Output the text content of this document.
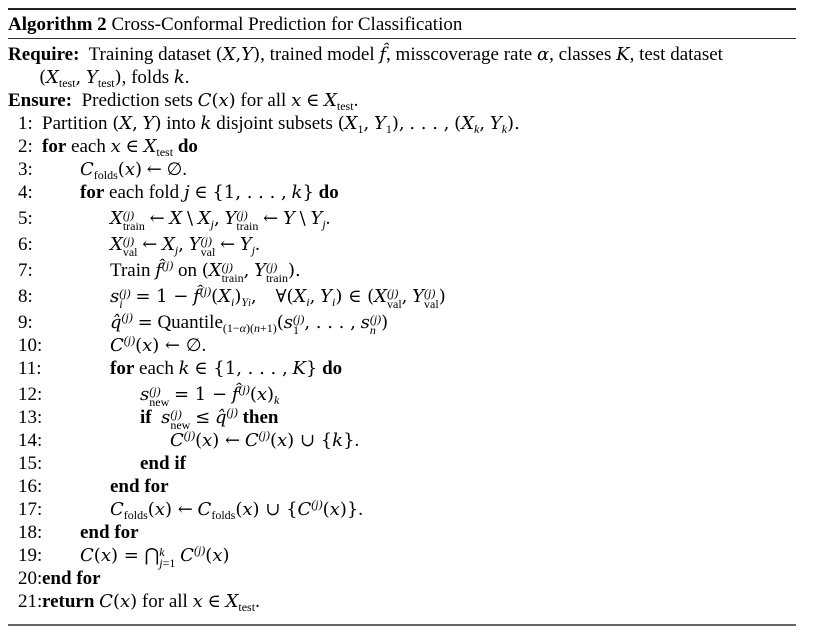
Algorithm 2 Cross-Conformal Prediction for Classification
Require: Training dataset (X,Y), trained model f̂, misscoverage rate α, classes K, test dataset
($X_{test}$, $Y_{test}$), folds k.
Ensure: Prediction sets C(x) for all x ∈ $X_{test}$.
1: Partition (X, Y) into k disjoint subsets ($X_1$, $Y_1$), . . . , ($X_k$, $Y_k$).
2: for each x ∈ $X_{test}$ do
3:	$C_{folds}(x)$ ← ∅.
4:	for each fold j ∈ {1, . . . , k} do
5:	X (j)
train ← X \ $X_j$, Y (j)
train ← Y \ $Y_j$.
6:	X (j)
val ← $X_j$, Y (j)
val ← $Y_j$.
7:	Train f̂$^{(j)}$ on (X (j)
train , Y (j)
train ).
8:	s (j)
$i = 1 - f̂^{(j)}(X_i)_{Yi}$, $\forall(X_i$, $Y_i$) ∈ (X (j)
val , Y (j)
val )
9:	q̂$^{(j)}$ = Quantile$_{(1-\alpha)(n+1)}$(s (j)
1 , . . . , s (j)
n )
10:	$C^{(j)}(x)$ ← ∅.
11:	for each k ∈ {1, . . . , K} do
12:	s (j)
new = $1 - f̂^{(j)}(x)_k$
13:	if s (j)
new ≤ q̂$^{(j)}$ then
14:	$C^{(j)}(x)$ ← $C^{(j)}(x)$ ∪ {k}.
15:	end if
16:	end for
17:	$C_{folds}(x)$ ← $C_{folds}(x)$ ∪ $\{C^{(j)}(x)\}$.
18: end for
19: C(x) = ⋂ k
j=1 $C^{(j)}(x)$
20: end for
21: return C(x) for all x ∈ $X_{test}$.
